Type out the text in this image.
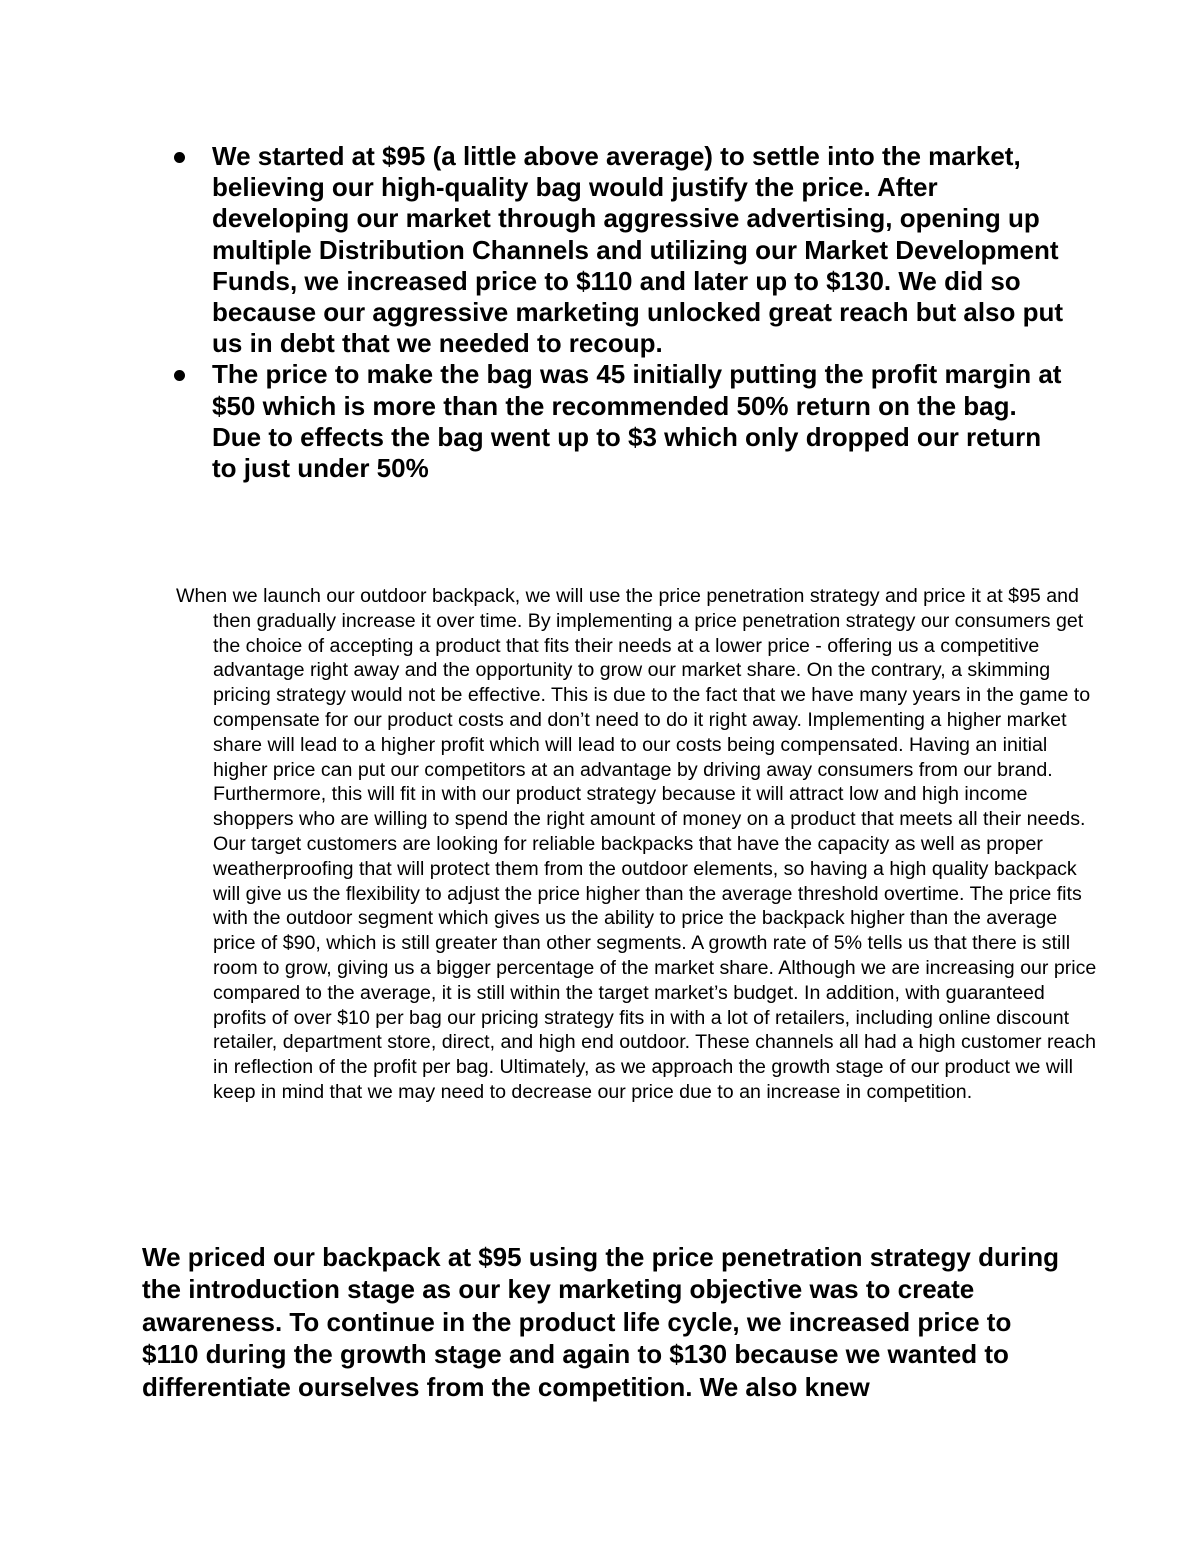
We started at $95 (a little above average) to settle into the market, believing our high-quality bag would justify the price. After developing our market through aggressive advertising, opening up multiple Distribution Channels and utilizing our Market Development Funds, we increased price to $110 and later up to $130. We did so because our aggressive marketing unlocked great reach but also put us in debt that we needed to recoup.
The price to make the bag was 45 initially putting the profit margin at $50 which is more than the recommended 50% return on the bag. Due to effects the bag went up to $3 which only dropped our return to just under 50%

When we launch our outdoor backpack, we will use the price penetration strategy and price it at $95 and then gradually increase it over time. By implementing a price penetration strategy our consumers get the choice of accepting a product that fits their needs at a lower price - offering us a competitive advantage right away and the opportunity to grow our market share. On the contrary, a skimming pricing strategy would not be effective. This is due to the fact that we have many years in the game to compensate for our product costs and don’t need to do it right away. Implementing a higher market share will lead to a higher profit which will lead to our costs being compensated. Having an initial higher price can put our competitors at an advantage by driving away consumers from our brand. Furthermore, this will fit in with our product strategy because it will attract low and high income shoppers who are willing to spend the right amount of money on a product that meets all their needs. Our target customers are looking for reliable backpacks that have the capacity as well as proper weatherproofing that will protect them from the outdoor elements, so having a high quality backpack will give us the flexibility to adjust the price higher than the average threshold overtime. The price fits with the outdoor segment which gives us the ability to price the backpack higher than the average price of $90, which is still greater than other segments. A growth rate of 5% tells us that there is still room to grow, giving us a bigger percentage of the market share. Although we are increasing our price compared to the average, it is still within the target market’s budget. In addition, with guaranteed profits of over $10 per bag our pricing strategy fits in with a lot of retailers, including online discount retailer, department store, direct, and high end outdoor. These channels all had a high customer reach in reflection of the profit per bag. Ultimately, as we approach the growth stage of our product we will keep in mind that we may need to decrease our price due to an increase in competition.

We priced our backpack at $95 using the price penetration strategy during the introduction stage as our key marketing objective was to create awareness. To continue in the product life cycle, we increased price to $110 during the growth stage and again to $130 because we wanted to differentiate ourselves from the competition. We also knew
